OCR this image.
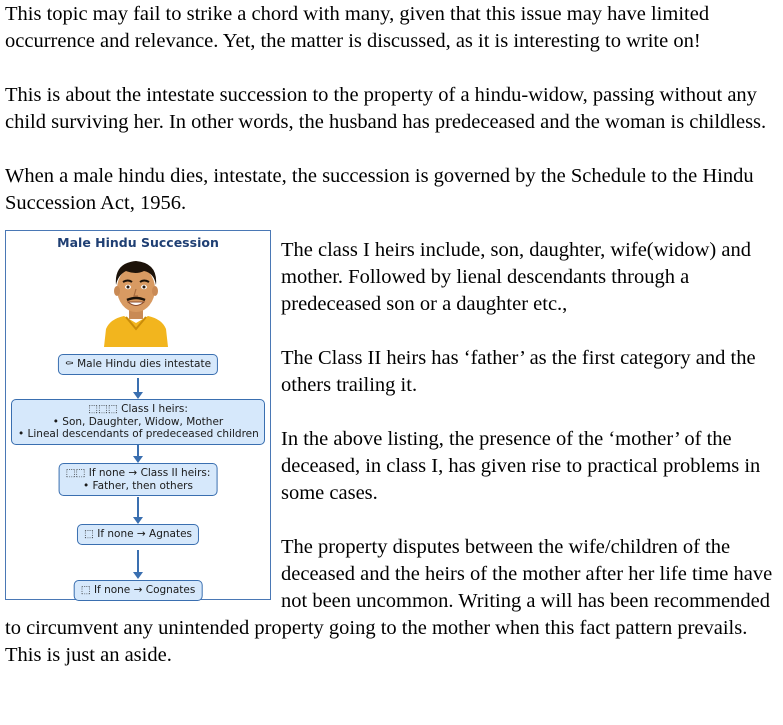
This topic may fail to strike a chord with many, given that this issue may have limited occurrence and relevance. Yet, the matter is discussed, as it is interesting to write on!

This is about the intestate succession to the property of a hindu-widow, passing without any child surviving her. In other words, the husband has predeceased and the woman is childless.

When a male hindu dies, intestate, the succession is governed by the Schedule to the Hindu Succession Act, 1956.

Male Hindu Succession
⚰ Male Hindu dies intestate
⬚⬚⬚ Class I heirs:
• Son, Daughter, Widow, Mother
• Lineal descendants of predeceased children
⬚⬚ If none → Class II heirs:
• Father, then others
⬚ If none → Agnates
⬚ If none → Cognates

The class I heirs include, son, daughter, wife(widow) and mother. Followed by lienal descendants through a predeceased son or a daughter etc.,

The Class II heirs has ‘father’ as the first category and the others trailing it.

In the above listing, the presence of the ‘mother’ of the deceased, in class I, has given rise to practical problems in some cases.

The property disputes between the wife/children of the deceased and the heirs of the mother after her life time have not been uncommon. Writing a will has been recommended to circumvent any unintended property going to the mother when this fact pattern prevails. This is just an aside.
